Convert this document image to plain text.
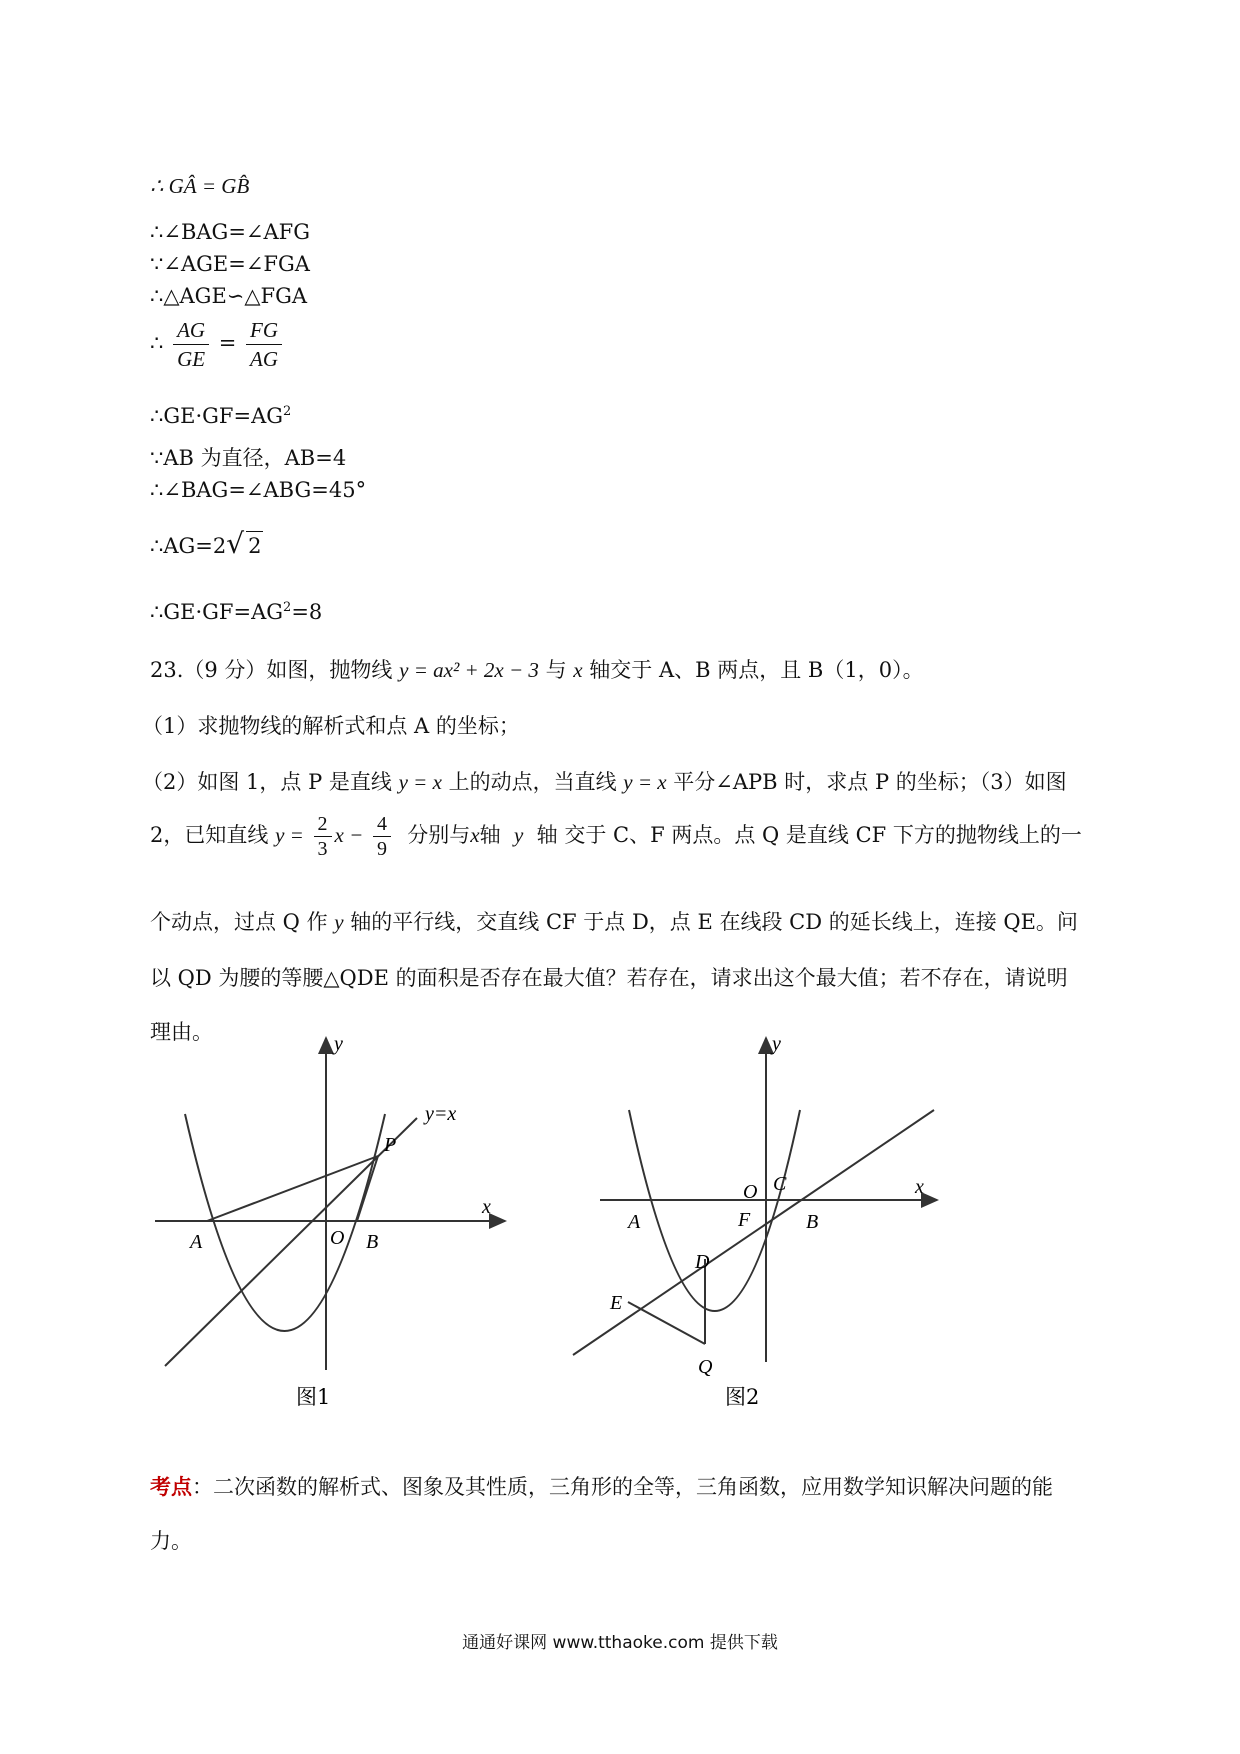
∴ GÂ = GB̂
∴∠BAG=∠AFG
∵∠AGE=∠FGA
∴△AGE∽△FGA
∴ $\frac{AG}{GE} = \frac{FG}{AG}$
$\therefore GE\cdot GF=AG^2$
∵AB 为直径，AB=4
∴∠BAG=∠ABG=45°
∴AG=2√ 2
$\therefore GE\cdot GF=AG^2=8$
23.（9 分）如图，抛物线 y = ax² + 2x − 3 与 x 轴交于 A、B 两点，且 B（1，0）。
（1）求抛物线的解析式和点 A 的坐标；
（2）如图 1，点 P 是直线 y = x 上的动点，当直线 y = x 平分∠APB 时，求点 P 的坐标；（3）如图
2，已知直线 $y = \frac{2}{3}$ $x - \frac{4}{9}$ 分别与x轴 y 轴 交于 C、F 两点。点 Q 是直线 CF 下方的抛物线上的一
个动点，过点 Q 作 y 轴的平行线，交直线 CF 于点 D，点 E 在线段 CD 的延长线上，连接 QE。问
以 QD 为腰的等腰△QDE 的面积是否存在最大值？若存在，请求出这个最大值；若不存在，请说明
理由。	y
x
y=x
P
A	O B
图1
y
x
O C
A	F	B
D
E
Q
图2
考点：二次函数的解析式、图象及其性质，三角形的全等，三角函数，应用数学知识解决问题的能
力。
通通好课网 www.tthaoke.com 提供下载
